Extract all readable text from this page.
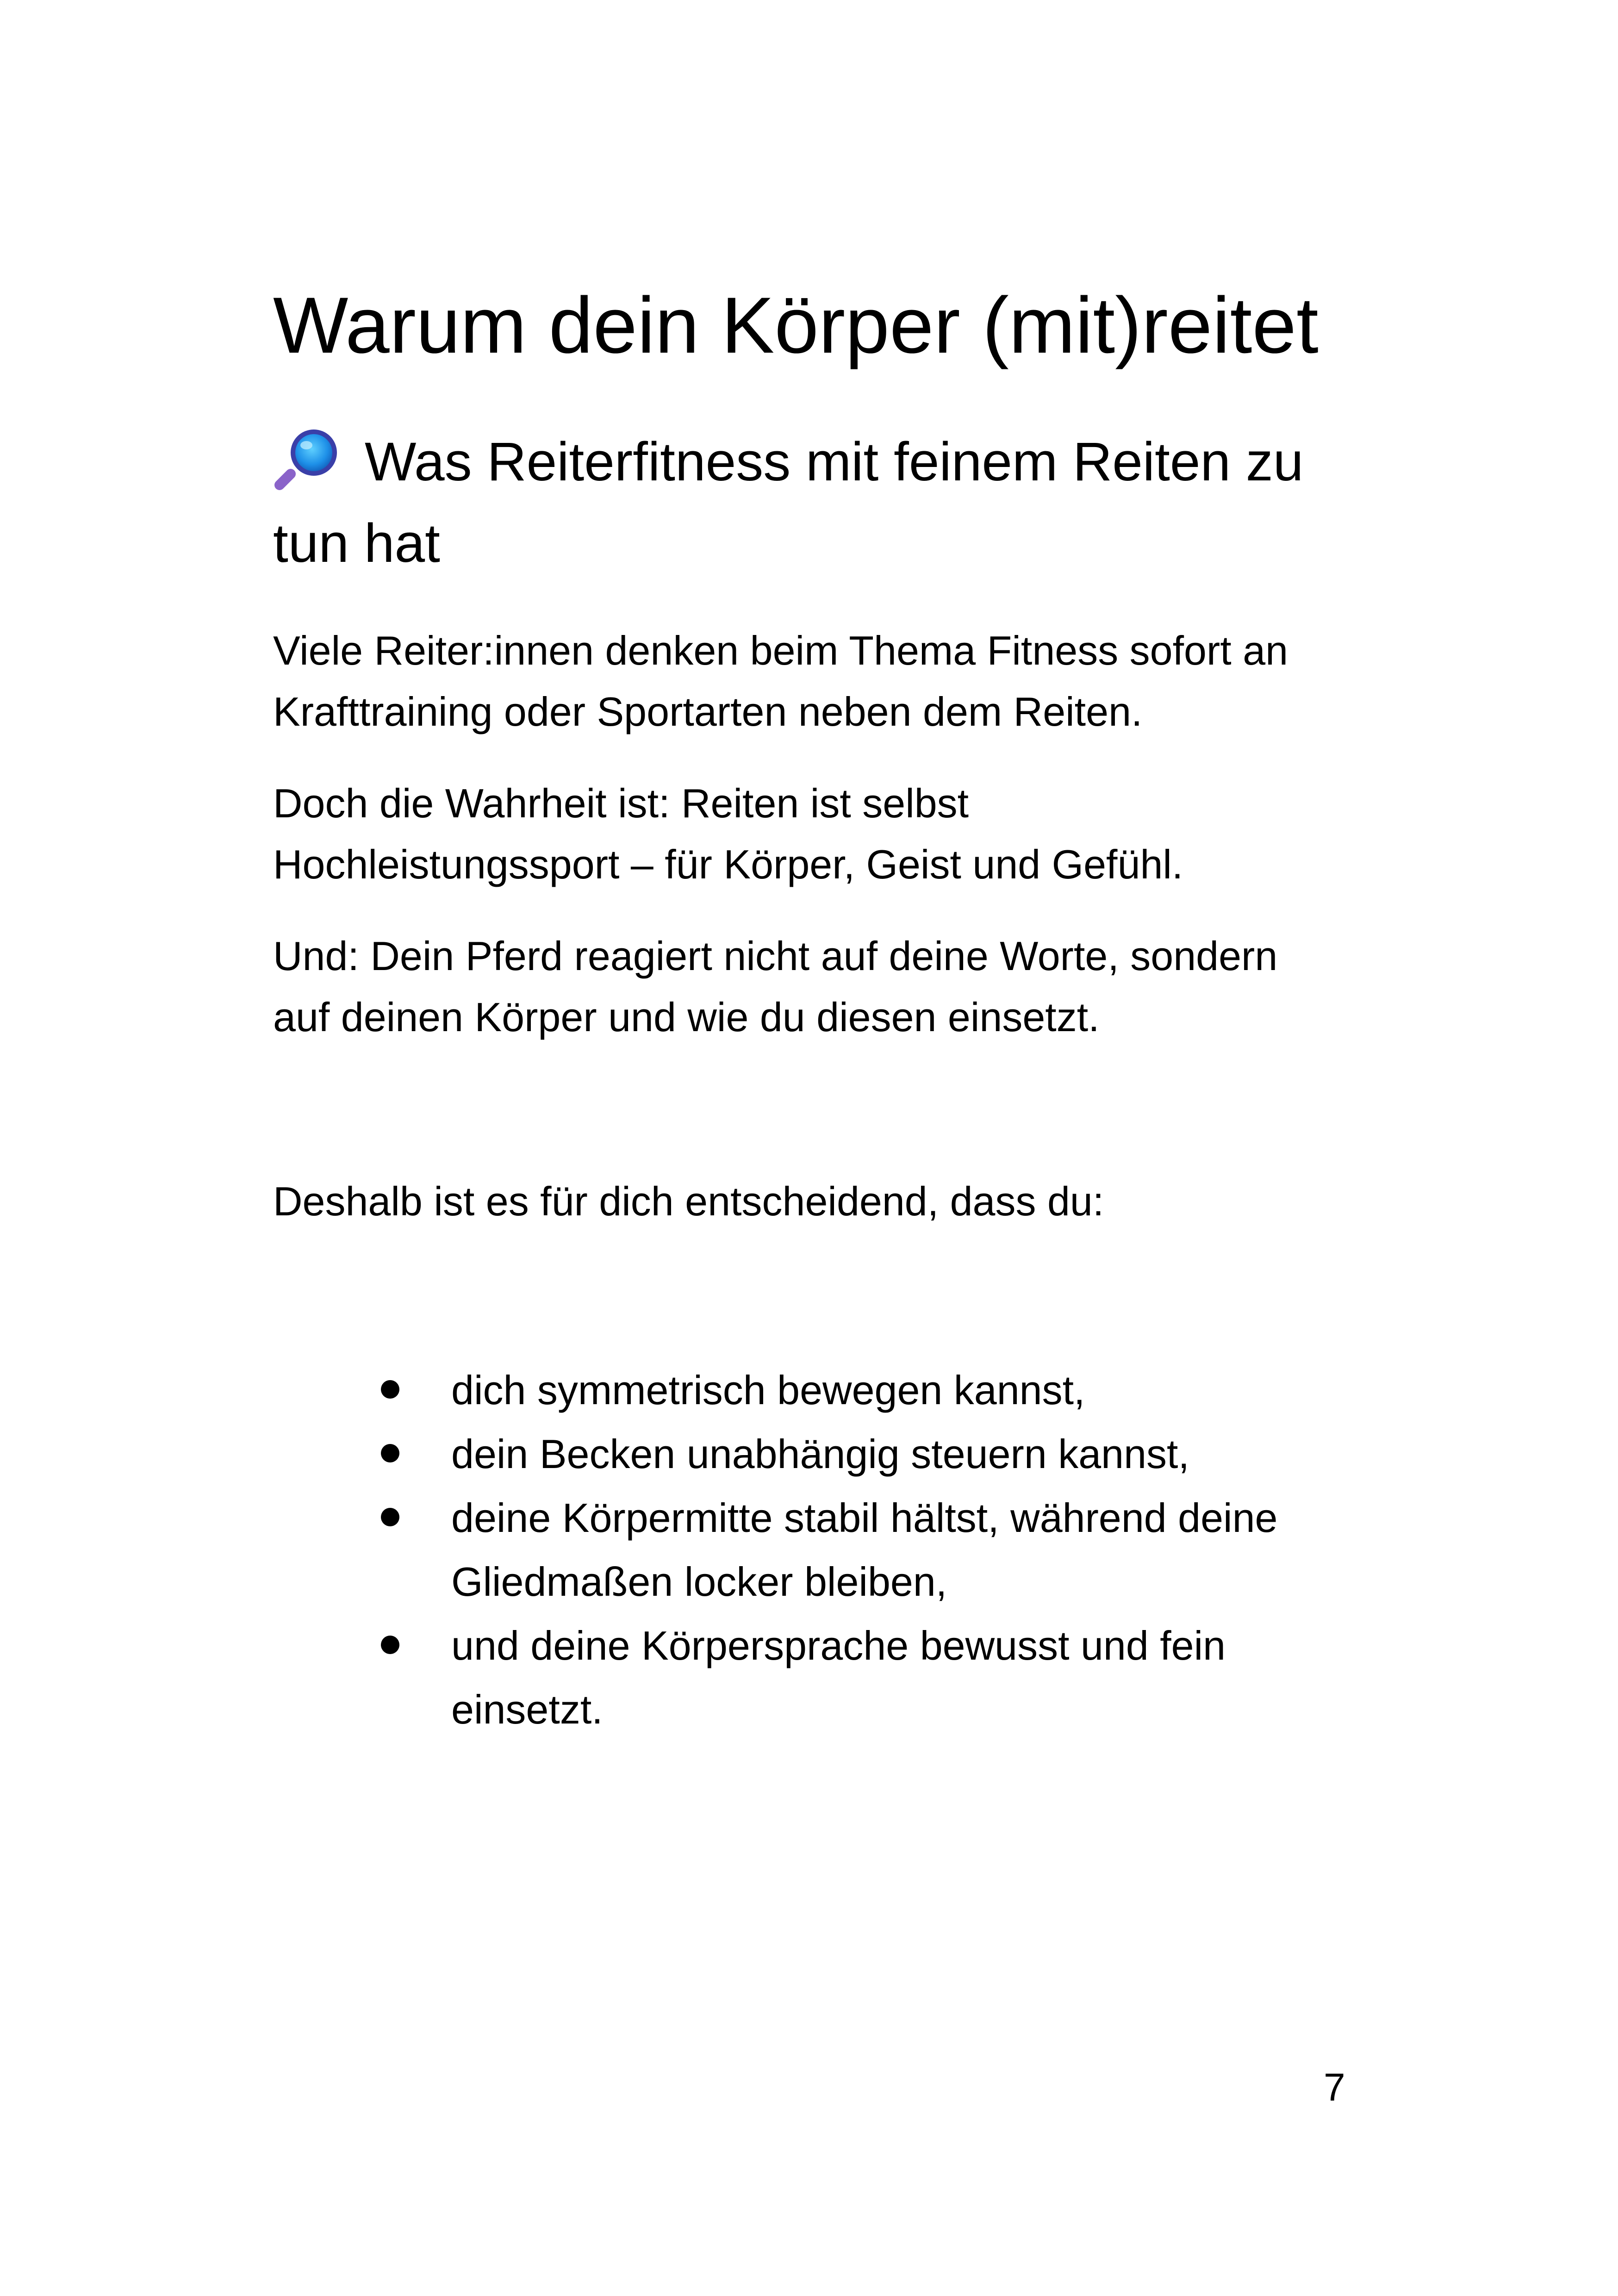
Warum dein Körper (mit)reitet
Was Reiterfitness mit feinem Reiten zu tun hat

Viele Reiter:innen denken beim Thema Fitness sofort an
Krafttraining oder Sportarten neben dem Reiten.

Doch die Wahrheit ist: Reiten ist selbst
Hochleistungssport – für Körper, Geist und Gefühl.

Und: Dein Pferd reagiert nicht auf deine Worte, sondern
auf deinen Körper und wie du diesen einsetzt.

Deshalb ist es für dich entscheidend, dass du:

dich symmetrisch bewegen kannst,
dein Becken unabhängig steuern kannst,
deine Körpermitte stabil hältst, während deine
Gliedmaßen locker bleiben,
und deine Körpersprache bewusst und fein
einsetzt.
7
